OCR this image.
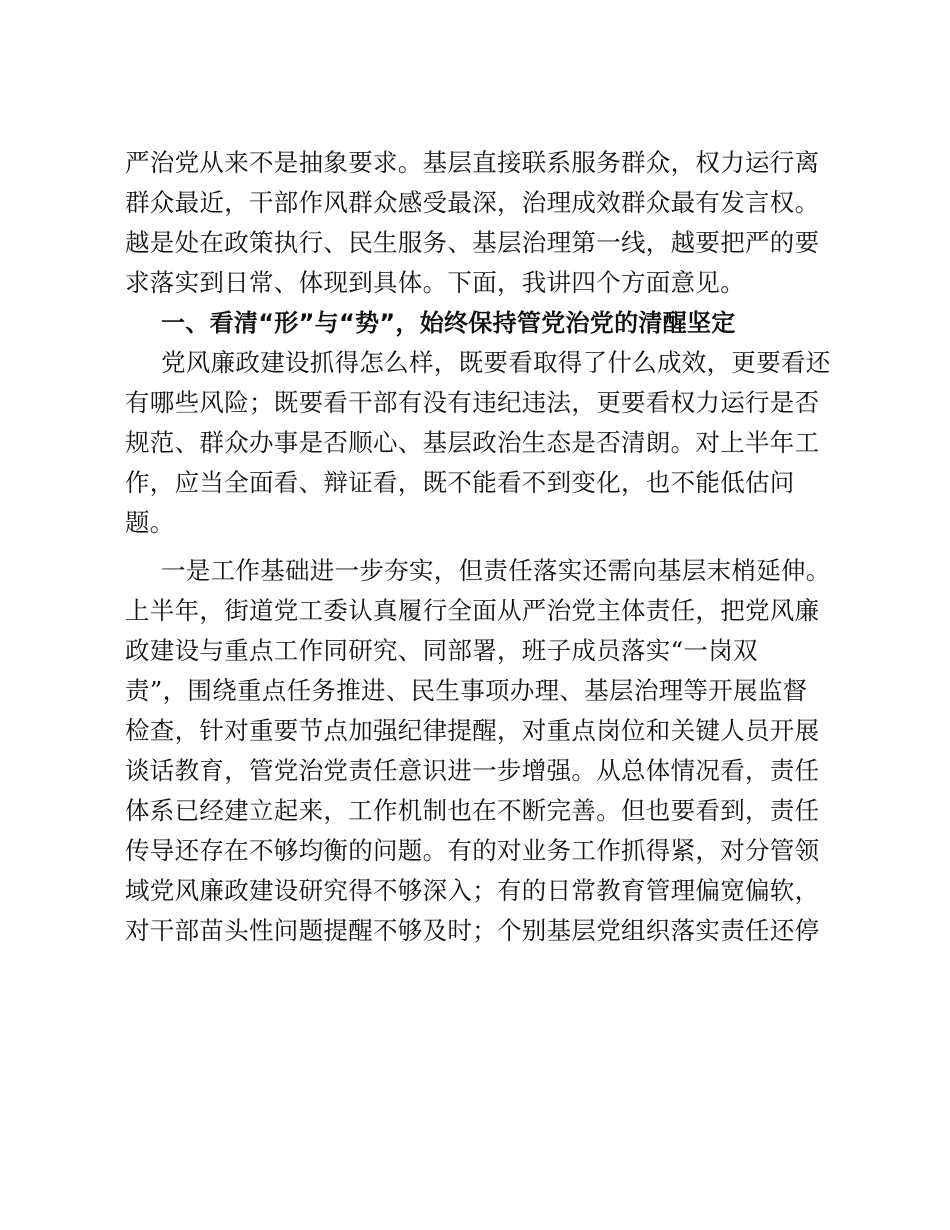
严治党从来不是抽象要求。基层直接联系服务群众，权力运行离
群众最近，干部作风群众感受最深，治理成效群众最有发言权。
越是处在政策执行、民生服务、基层治理第一线，越要把严的要
求落实到日常、体现到具体。下面，我讲四个方面意见。
一、看清“形”与“势”，始终保持管党治党的清醒坚定
党风廉政建设抓得怎么样，既要看取得了什么成效，更要看还
有哪些风险；既要看干部有没有违纪违法，更要看权力运行是否
规范、群众办事是否顺心、基层政治生态是否清朗。对上半年工
作，应当全面看、辩证看，既不能看不到变化，也不能低估问
题。
一是工作基础进一步夯实，但责任落实还需向基层末梢延伸。
上半年，街道党工委认真履行全面从严治党主体责任，把党风廉
政建设与重点工作同研究、同部署，班子成员落实“一岗双
责”，围绕重点任务推进、民生事项办理、基层治理等开展监督
检查，针对重要节点加强纪律提醒，对重点岗位和关键人员开展
谈话教育，管党治党责任意识进一步增强。从总体情况看，责任
体系已经建立起来，工作机制也在不断完善。但也要看到，责任
传导还存在不够均衡的问题。有的对业务工作抓得紧，对分管领
域党风廉政建设研究得不够深入；有的日常教育管理偏宽偏软，
对干部苗头性问题提醒不够及时；个别基层党组织落实责任还停
